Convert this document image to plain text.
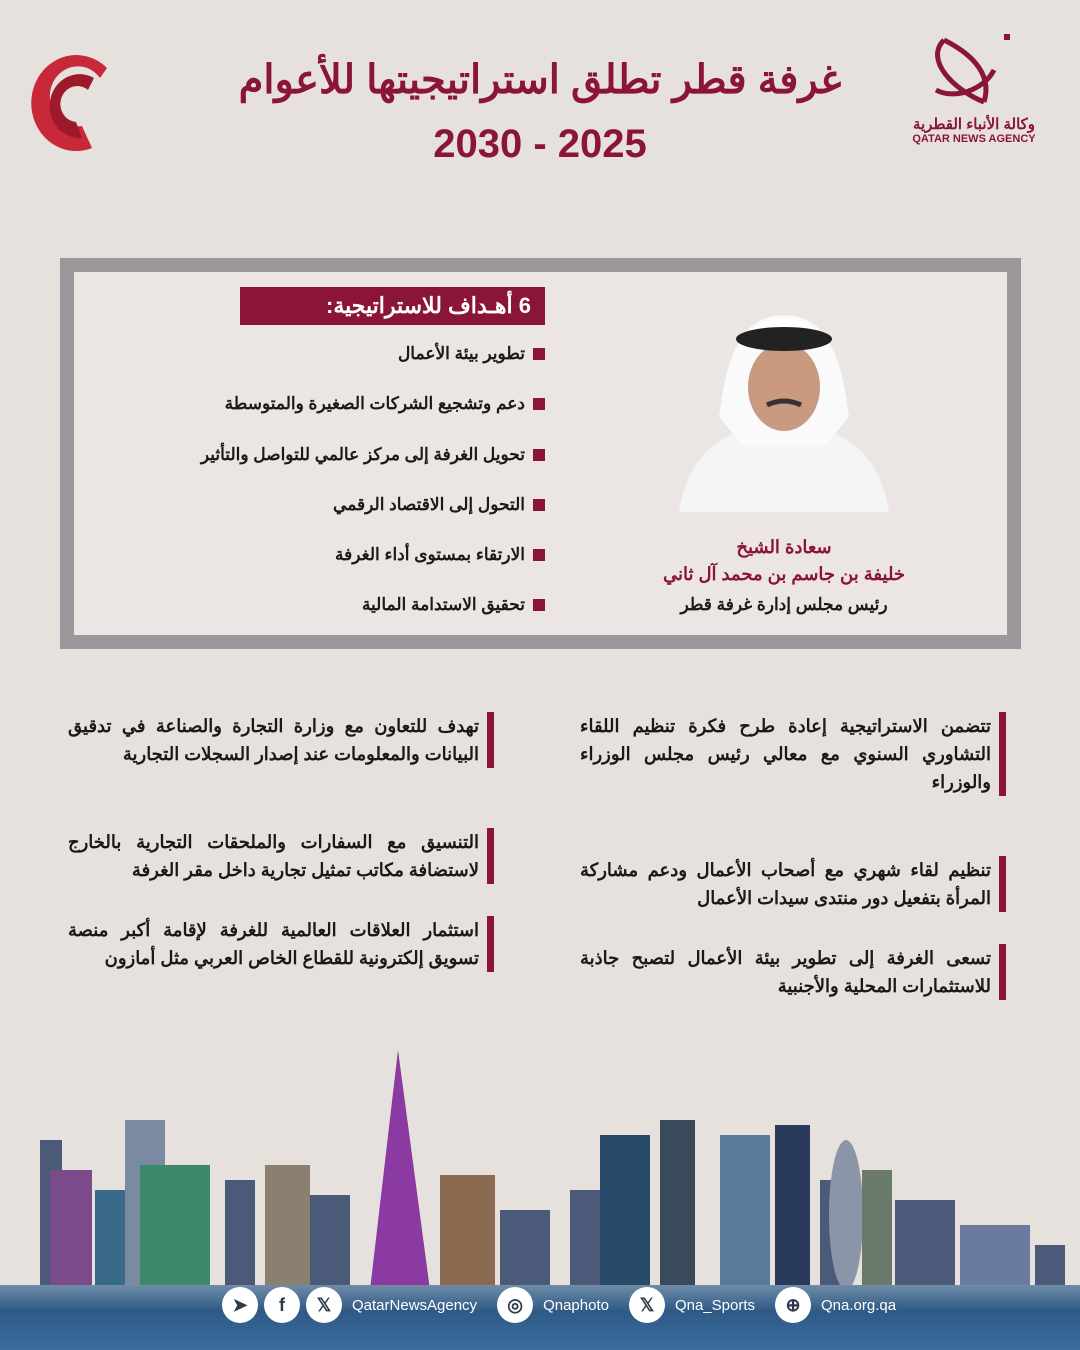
غرفة قطر تطلق استراتيجيتها للأعوام
2030 - 2025	وكالة الأنباء القطرية
QATAR NEWS AGENCY
6 أهـداف للاستراتيجية:
تطوير بيئة الأعمال
دعم وتشجيع الشركات الصغيرة والمتوسطة
تحويل الغرفة إلى مركز عالمي للتواصل والتأثير
التحول إلى الاقتصاد الرقمي
الارتقاء بمستوى أداء الغرفة
تحقيق الاستدامة المالية
سعادة الشيخ
خليفة بن جاسم بن محمد آل ثاني
رئيس مجلس إدارة غرفة قطر
تتضمن الاستراتيجية إعادة طرح فكرة تنظيم اللقاء التشاوري السنوي مع معالي رئيس مجلس الوزراء والوزراء
تنظيم لقاء شهري مع أصحاب الأعمال ودعم مشاركة المرأة بتفعيل دور منتدى سيدات الأعمال
تسعى الغرفة إلى تطوير بيئة الأعمال لتصبح جاذبة للاستثمارات المحلية والأجنبية
تهدف للتعاون مع وزارة التجارة والصناعة في تدقيق البيانات والمعلومات عند إصدار السجلات التجارية
التنسيق مع السفارات والملحقات التجارية بالخارج لاستضافة مكاتب تمثيل تجارية داخل مقر الغرفة
استثمار العلاقات العالمية للغرفة لإقامة أكبر منصة تسويق إلكترونية للقطاع الخاص العربي مثل أمازون
➤	f	𝕏	QatarNewsAgency	◎	Qnaphoto	𝕏	Qna_Sports	⊕	Qna.org.qa
